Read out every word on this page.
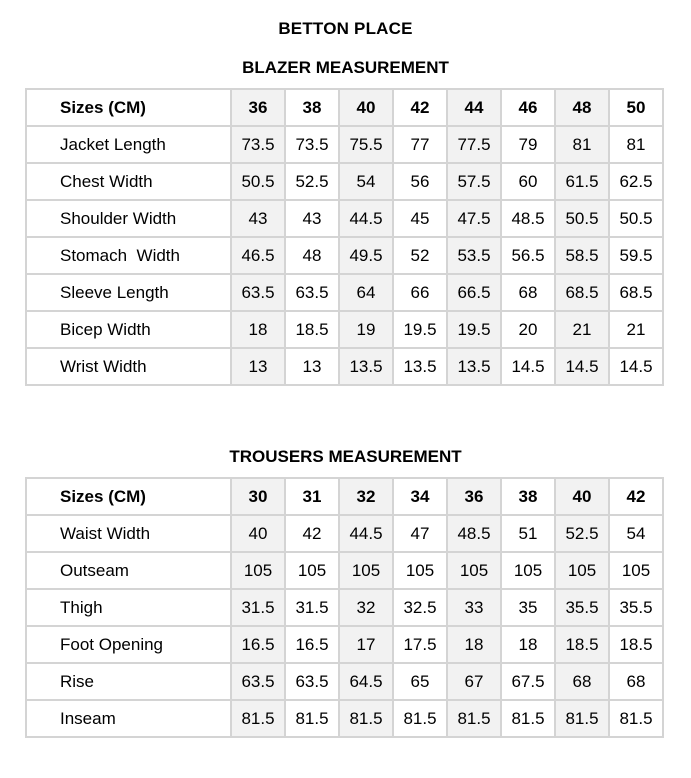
BETTON PLACE
BLAZER MEASUREMENT
Sizes (CM)	36	38	40	42	44	46	48	50
Jacket Length	73.5	73.5	75.5	77	77.5	79	81	81
Chest Width	50.5	52.5	54	56	57.5	60	61.5	62.5
Shoulder Width	43	43	44.5	45	47.5	48.5	50.5	50.5
Stomach  Width	46.5	48	49.5	52	53.5	56.5	58.5	59.5
Sleeve Length	63.5	63.5	64	66	66.5	68	68.5	68.5
Bicep Width	18	18.5	19	19.5	19.5	20	21	21
Wrist Width	13	13	13.5	13.5	13.5	14.5	14.5	14.5
TROUSERS MEASUREMENT
Sizes (CM)	30	31	32	34	36	38	40	42
Waist Width	40	42	44.5	47	48.5	51	52.5	54
Outseam	105	105	105	105	105	105	105	105
Thigh	31.5	31.5	32	32.5	33	35	35.5	35.5
Foot Opening	16.5	16.5	17	17.5	18	18	18.5	18.5
Rise	63.5	63.5	64.5	65	67	67.5	68	68
Inseam	81.5	81.5	81.5	81.5	81.5	81.5	81.5	81.5
